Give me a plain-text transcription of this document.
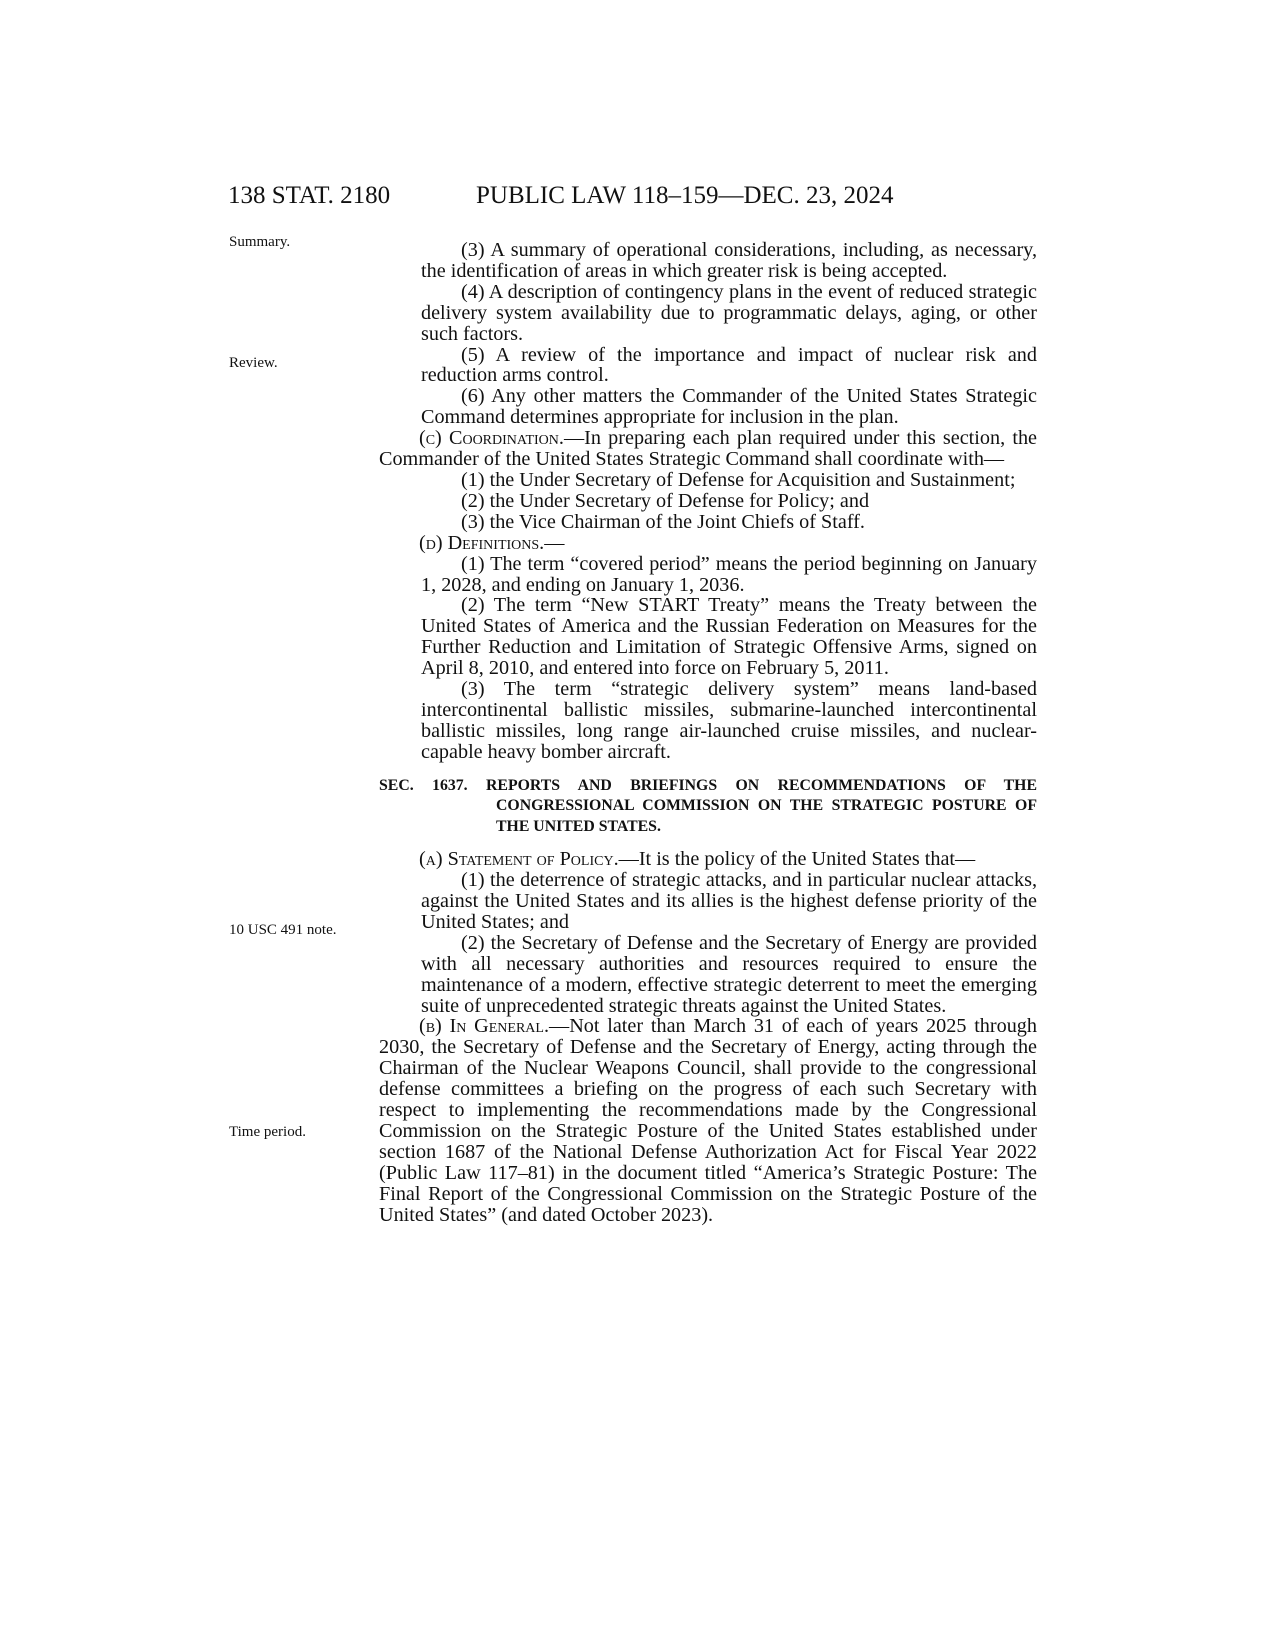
138 STAT. 2180	PUBLIC LAW 118–159—DEC. 23, 2024
Summary.
Review.
10 USC 491 note.
Time period.

(3) A summary of operational considerations, including, as necessary, the identification of areas in which greater risk is being accepted.

(4) A description of contingency plans in the event of reduced strategic delivery system availability due to programmatic delays, aging, or other such factors.

(5) A review of the importance and impact of nuclear risk and reduction arms control.

(6) Any other matters the Commander of the United States Strategic Command determines appropriate for inclusion in the plan.

(c) Coordination.—In preparing each plan required under this section, the Commander of the United States Strategic Command shall coordinate with—

(1) the Under Secretary of Defense for Acquisition and Sustainment;

(2) the Under Secretary of Defense for Policy; and

(3) the Vice Chairman of the Joint Chiefs of Staff.

(d) Definitions.—

(1) The term “covered period” means the period beginning on January 1, 2028, and ending on January 1, 2036.

(2) The term “New START Treaty” means the Treaty between the United States of America and the Russian Federation on Measures for the Further Reduction and Limitation of Strategic Offensive Arms, signed on April 8, 2010, and entered into force on February 5, 2011.

(3) The term “strategic delivery system” means land-based intercontinental ballistic missiles, submarine-launched intercontinental ballistic missiles, long range air-launched cruise missiles, and nuclear-capable heavy bomber aircraft.

SEC. 1637. REPORTS AND BRIEFINGS ON RECOMMENDATIONS OF THE CONGRESSIONAL COMMISSION ON THE STRATEGIC POSTURE OF THE UNITED STATES.

(a) Statement of Policy.—It is the policy of the United States that—

(1) the deterrence of strategic attacks, and in particular nuclear attacks, against the United States and its allies is the highest defense priority of the United States; and

(2) the Secretary of Defense and the Secretary of Energy are provided with all necessary authorities and resources required to ensure the maintenance of a modern, effective strategic deterrent to meet the emerging suite of unprecedented strategic threats against the United States.

(b) In General.—Not later than March 31 of each of years 2025 through 2030, the Secretary of Defense and the Secretary of Energy, acting through the Chairman of the Nuclear Weapons Council, shall provide to the congressional defense committees a briefing on the progress of each such Secretary with respect to implementing the recommendations made by the Congressional Commission on the Strategic Posture of the United States established under section 1687 of the National Defense Authorization Act for Fiscal Year 2022 (Public Law 117–81) in the document titled “America’s Strategic Posture: The Final Report of the Congressional Commission on the Strategic Posture of the United States” (and dated October 2023).
